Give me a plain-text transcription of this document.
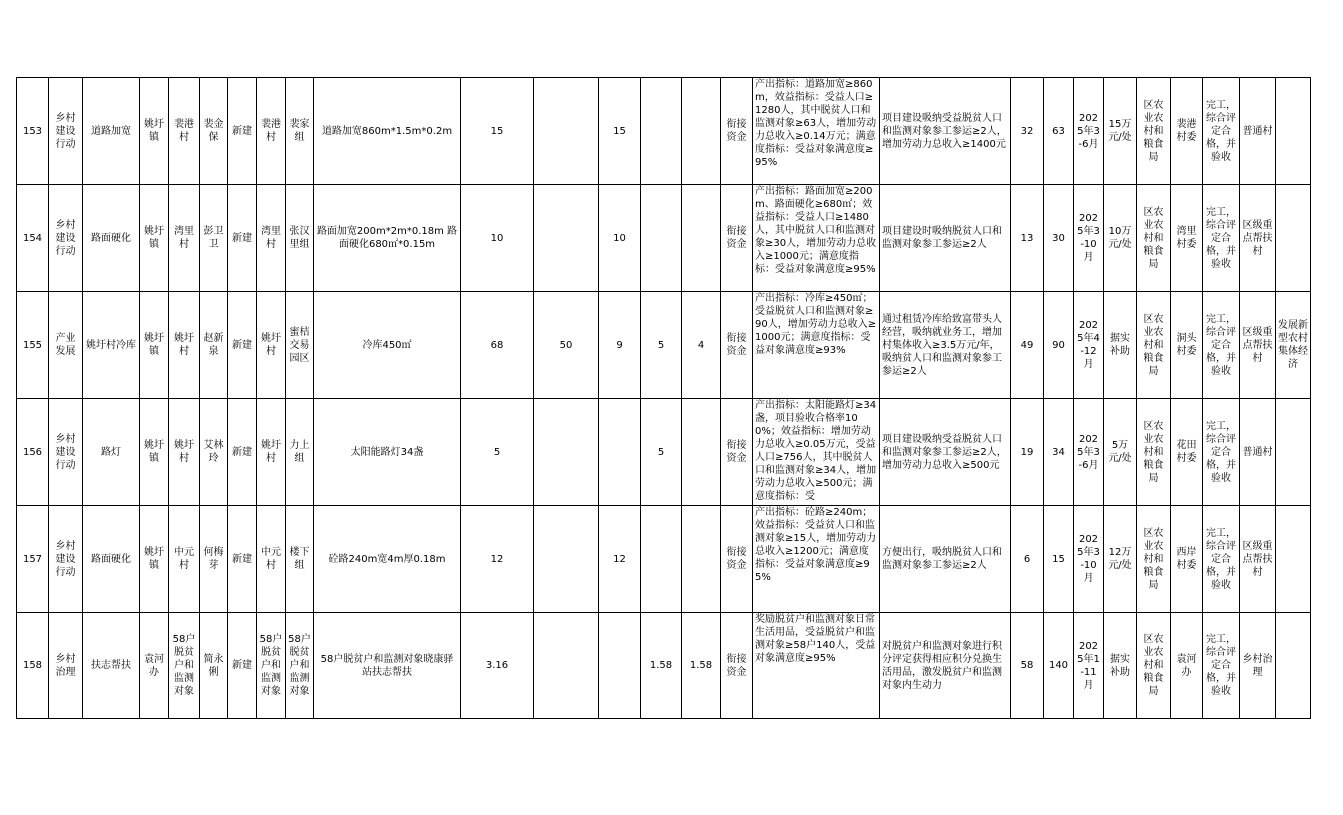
153	乡村建设行动	道路加宽	姚圩镇	裴港村	裴金保	新建	裴港村	裴家组	道路加宽860m*1.5m*0.2m	15		15			衔接资金	产出指标：道路加宽≥860m，效益指标：受益人口≥1280人，其中脱贫人口和监测对象≥63人，增加劳动力总收入≥0.14万元；满意度指标：受益对象满意度≥95%	项目建设吸纳受益脱贫人口和监测对象参工参运≥2人，增加劳动力总收入≥1400元	32	63	2025年3-6月	15万元/处	区农业农村和粮食局	裴港村委	完工，综合评定合格，并验收	普通村	
154	乡村建设行动	路面硬化	姚圩镇	湾里村	彭卫卫	新建	湾里村	张汉里组	路面加宽200m*2m*0.18m 路面硬化680㎡*0.15m	10		10			衔接资金	产出指标：路面加宽≥200m、路面硬化≥680㎡；效益指标：受益人口≥1480人，其中脱贫人口和监测对象≥30人，增加劳动力总收入≥1000元；满意度指标：受益对象满意度≥95%	项目建设时吸纳脱贫人口和监测对象参工参运≥2人	13	30	2025年3-10月	10万元/处	区农业农村和粮食局	湾里村委	完工，综合评定合格，并验收	区级重点帮扶村	
155	产业发展	姚圩村冷库	姚圩镇	姚圩村	赵新泉	新建	姚圩村	蜜桔交易园区	冷库450㎡	68	50	9	5	4	衔接资金	产出指标：冷库≥450㎡；受益脱贫人口和监测对象≥90人，增加劳动力总收入≥1000元；满意度指标：受益对象满意度≥93%	通过租赁冷库给致富带头人经营，吸纳就业务工，增加村集体收入≥3.5万元/年，吸纳贫人口和监测对象参工参运≥2人	49	90	2025年4-12月	据实补助	区农业农村和粮食局	洞头村委	完工，综合评定合格，并验收	区级重点帮扶村	发展新型农村集体经济
156	乡村建设行动	路灯	姚圩镇	姚圩村	艾林玲	新建	姚圩村	力上组	太阳能路灯34盏	5			5		衔接资金	产出指标：太阳能路灯≥34盏，项目验收合格率100%；效益指标：增加劳动力总收入≥0.05万元，受益人口≥756人，其中脱贫人口和监测对象≥34人，增加劳动力总收入≥500元；满意度指标：受	项目建设吸纳受益脱贫人口和监测对象参工参运≥2人，增加劳动力总收入≥500元	19	34	2025年3-6月	5万元/处	区农业农村和粮食局	花田村委	完工，综合评定合格，并验收	普通村	
157	乡村建设行动	路面硬化	姚圩镇	中元村	何梅芽	新建	中元村	楼下组	砼路240m宽4m厚0.18m	12		12			衔接资金	产出指标：砼路≥240m；效益指标：受益贫人口和监测对象≥15人，增加劳动力总收入≥1200元；满意度指标：受益对象满意度≥95%	方便出行，吸纳脱贫人口和监测对象参工参运≥2人	6	15	2025年3-10月	12万元/处	区农业农村和粮食局	西岸村委	完工，综合评定合格，并验收	区级重点帮扶村	
158	乡村治理	扶志帮扶	袁河办	58户脱贫户和监测对象	简永俐	新建	58户脱贫户和监测对象	58户脱贫户和监测对象	58户脱贫户和监测对象晓康驿站扶志帮扶	3.16			1.58	1.58	衔接资金	奖励脱贫户和监测对象日常生活用品，受益脱贫户和监测对象≥58户140人，受益对象满意度≥95%	对脱贫户和监测对象进行积分评定获得相应积分兑换生活用品，激发脱贫户和监测对象内生动力	58	140	2025年1-11月	据实补助	区农业农村和粮食局	袁河办	完工，综合评定合格，并验收	乡村治理	
